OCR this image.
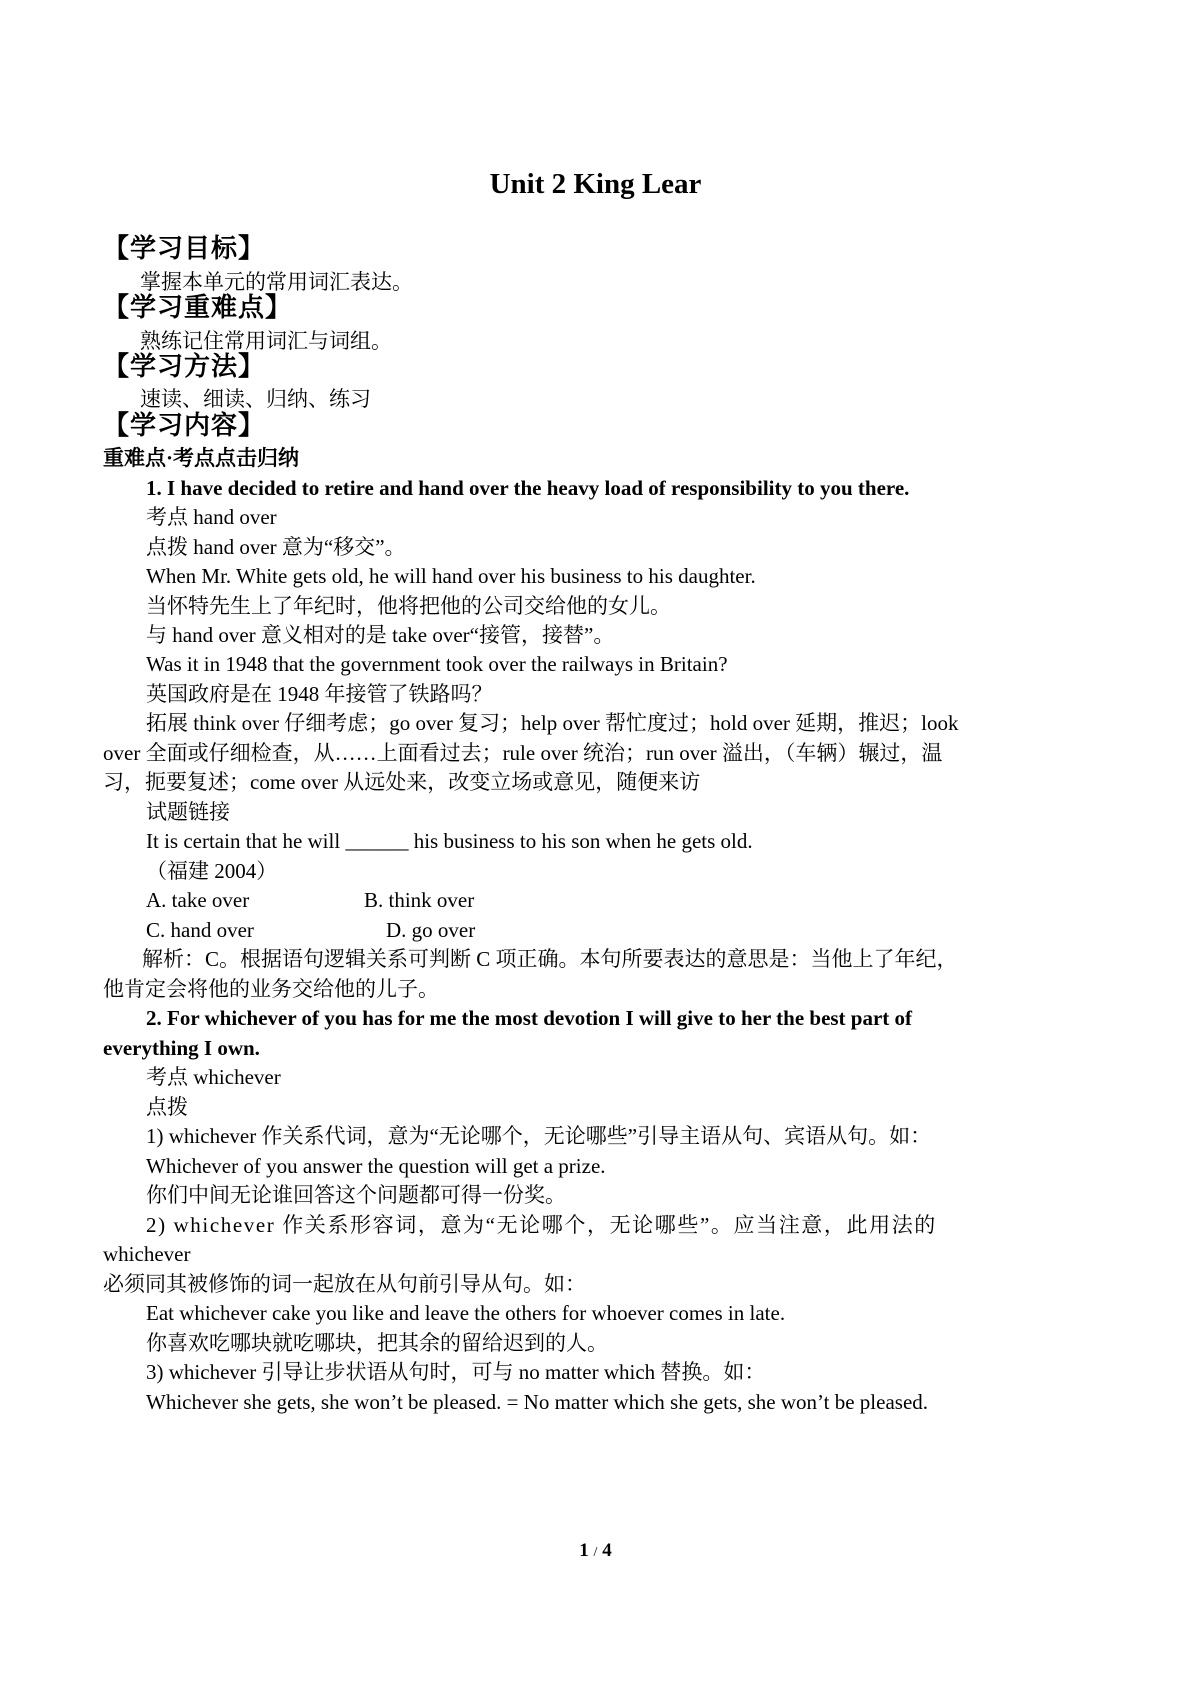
Unit 2 King Lear
【学习目标】
掌握本单元的常用词汇表达。
【学习重难点】
熟练记住常用词汇与词组。
【学习方法】
速读、细读、归纳、练习
【学习内容】
重难点·考点点击归纳
1. I have decided to retire and hand over the heavy load of responsibility to you there.
考点 hand over
点拨 hand over 意为“移交”。
When Mr. White gets old, he will hand over his business to his daughter.
当怀特先生上了年纪时，他将把他的公司交给他的女儿。
与 hand over 意义相对的是 take over“接管，接替”。
Was it in 1948 that the government took over the railways in Britain?
英国政府是在 1948 年接管了铁路吗？
拓展 think over 仔细考虑；go over 复习；help over 帮忙度过；hold over 延期，推迟；look
over 全面或仔细检查，从……上面看过去；rule over 统治；run over 溢出，（车辆）辗过，温
习，扼要复述；come over 从远处来，改变立场或意见，随便来访
试题链接
It is certain that he will ______ his business to his son when he gets old.
（福建 2004）
A. take over	B. think over
C. hand over	D. go over
解析：C。根据语句逻辑关系可判断 C 项正确。本句所要表达的意思是：当他上了年纪，
他肯定会将他的业务交给他的儿子。
2. For whichever of you has for me the most devotion I will give to her the best part of
everything I own.
考点 whichever
点拨
1) whichever 作关系代词，意为“无论哪个，无论哪些”引导主语从句、宾语从句。如：
Whichever of you answer the question will get a prize.
你们中间无论谁回答这个问题都可得一份奖。
2) whichever 作关系形容词，意为“无论哪个，无论哪些”。应当注意，此用法的
whichever
必须同其被修饰的词一起放在从句前引导从句。如：
Eat whichever cake you like and leave the others for whoever comes in late.
你喜欢吃哪块就吃哪块，把其余的留给迟到的人。
3) whichever 引导让步状语从句时，可与 no matter which 替换。如：
Whichever she gets, she won’t be pleased. = No matter which she gets, she won’t be pleased.
1 / 4
